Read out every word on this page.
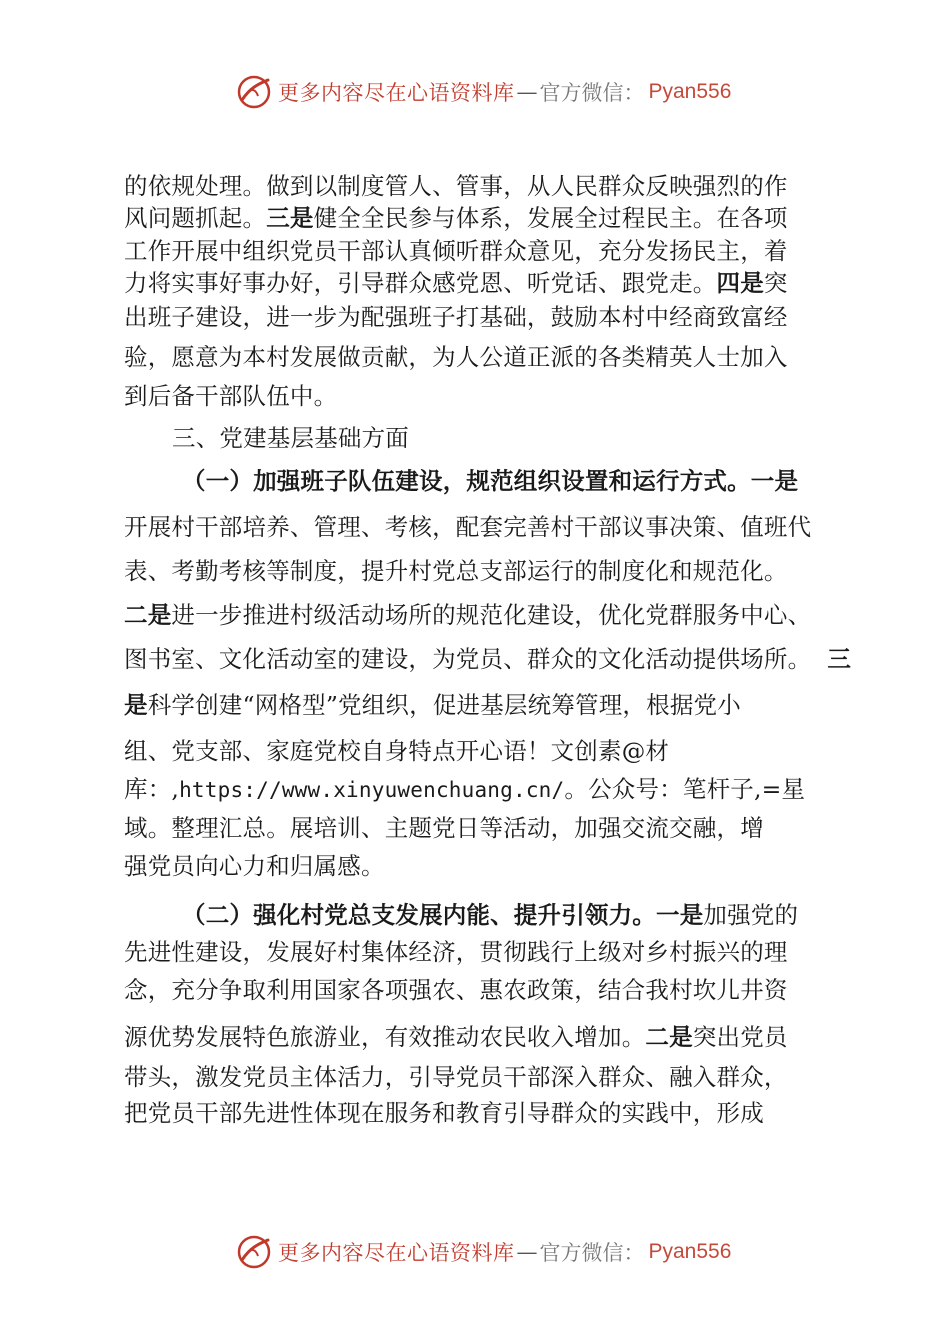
更多内容尽在心语资料库 — 官方微信： Pyan556
的依规处理。做到以制度管人、管事，从人民群众反映强烈的作
风问题抓起。三是健全全民参与体系，发展全过程民主。在各项
工作开展中组织党员干部认真倾听群众意见，充分发扬民主，着
力将实事好事办好，引导群众感党恩、听党话、跟党走。四是突
出班子建设，进一步为配强班子打基础，鼓励本村中经商致富经
验，愿意为本村发展做贡献，为人公道正派的各类精英人士加入
到后备干部队伍中。
三、党建基层基础方面
（一）加强班子队伍建设，规范组织设置和运行方式。一是
开展村干部培养、管理、考核，配套完善村干部议事决策、值班代
表、考勤考核等制度，提升村党总支部运行的制度化和规范化。
二是进一步推进村级活动场所的规范化建设，优化党群服务中心、
图书室、文化活动室的建设，为党员、群众的文化活动提供场所。 三
是科学创建“网格型”党组织，促进基层统筹管理，根据党小
组、党支部、家庭党校自身特点开心语！文创素@材
库：,https://www.xinyuwenchuang.cn/。公众号：笔杆子,=星
域。整理汇总。展培训、主题党日等活动，加强交流交融，增
强党员向心力和归属感。
（二）强化村党总支发展内能、提升引领力。一是加强党的
先进性建设，发展好村集体经济，贯彻践行上级对乡村振兴的理
念，充分争取利用国家各项强农、惠农政策，结合我村坎儿井资
源优势发展特色旅游业，有效推动农民收入增加。二是突出党员
带头，激发党员主体活力，引导党员干部深入群众、融入群众，
把党员干部先进性体现在服务和教育引导群众的实践中，形成
更多内容尽在心语资料库 — 官方微信： Pyan556
